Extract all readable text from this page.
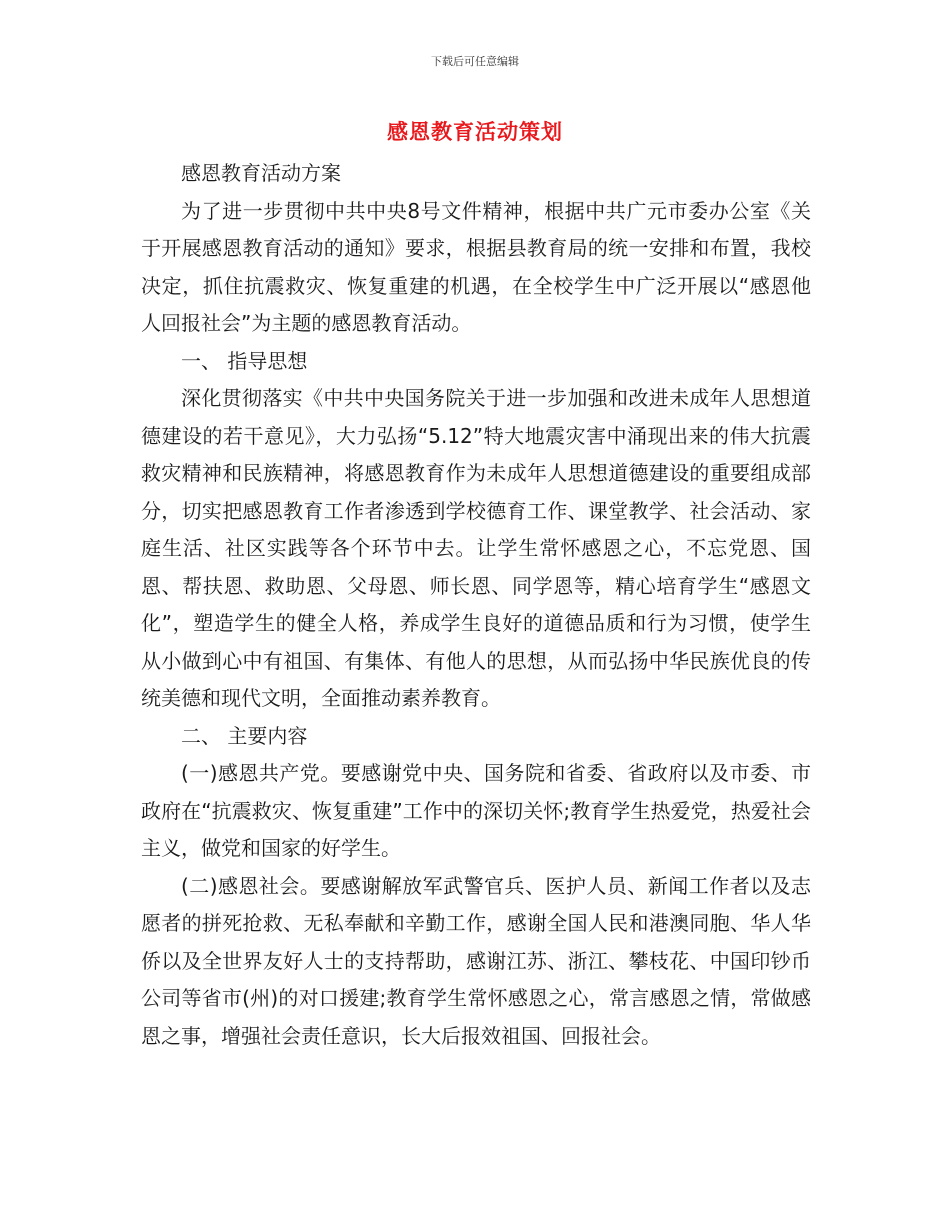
下载后可任意编辑
感恩教育活动策划

感恩教育活动方案

为了进一步贯彻中共中央8号文件精神，根据中共广元市委办公室《关于开展感恩教育活动的通知》要求，根据县教育局的统一安排和布置，我校决定，抓住抗震救灾、恢复重建的机遇，在全校学生中广泛开展以“感恩他人回报社会”为主题的感恩教育活动。

一、 指导思想

深化贯彻落实《中共中央国务院关于进一步加强和改进未成年人思想道德建设的若干意见》，大力弘扬“5.12”特大地震灾害中涌现出来的伟大抗震救灾精神和民族精神，将感恩教育作为未成年人思想道德建设的重要组成部分，切实把感恩教育工作者渗透到学校德育工作、课堂教学、社会活动、家庭生活、社区实践等各个环节中去。让学生常怀感恩之心，不忘党恩、国恩、帮扶恩、救助恩、父母恩、师长恩、同学恩等，精心培育学生“感恩文化”，塑造学生的健全人格，养成学生良好的道德品质和行为习惯，使学生从小做到心中有祖国、有集体、有他人的思想，从而弘扬中华民族优良的传统美德和现代文明，全面推动素养教育。

二、 主要内容

(一)感恩共产党。要感谢党中央、国务院和省委、省政府以及市委、市政府在“抗震救灾、恢复重建”工作中的深切关怀;教育学生热爱党，热爱社会主义，做党和国家的好学生。

(二)感恩社会。要感谢解放军武警官兵、医护人员、新闻工作者以及志愿者的拼死抢救、无私奉献和辛勤工作，感谢全国人民和港澳同胞、华人华侨以及全世界友好人士的支持帮助，感谢江苏、浙江、攀枝花、中国印钞币公司等省市(州)的对口援建;教育学生常怀感恩之心，常言感恩之情，常做感恩之事，增强社会责任意识，长大后报效祖国、回报社会。
